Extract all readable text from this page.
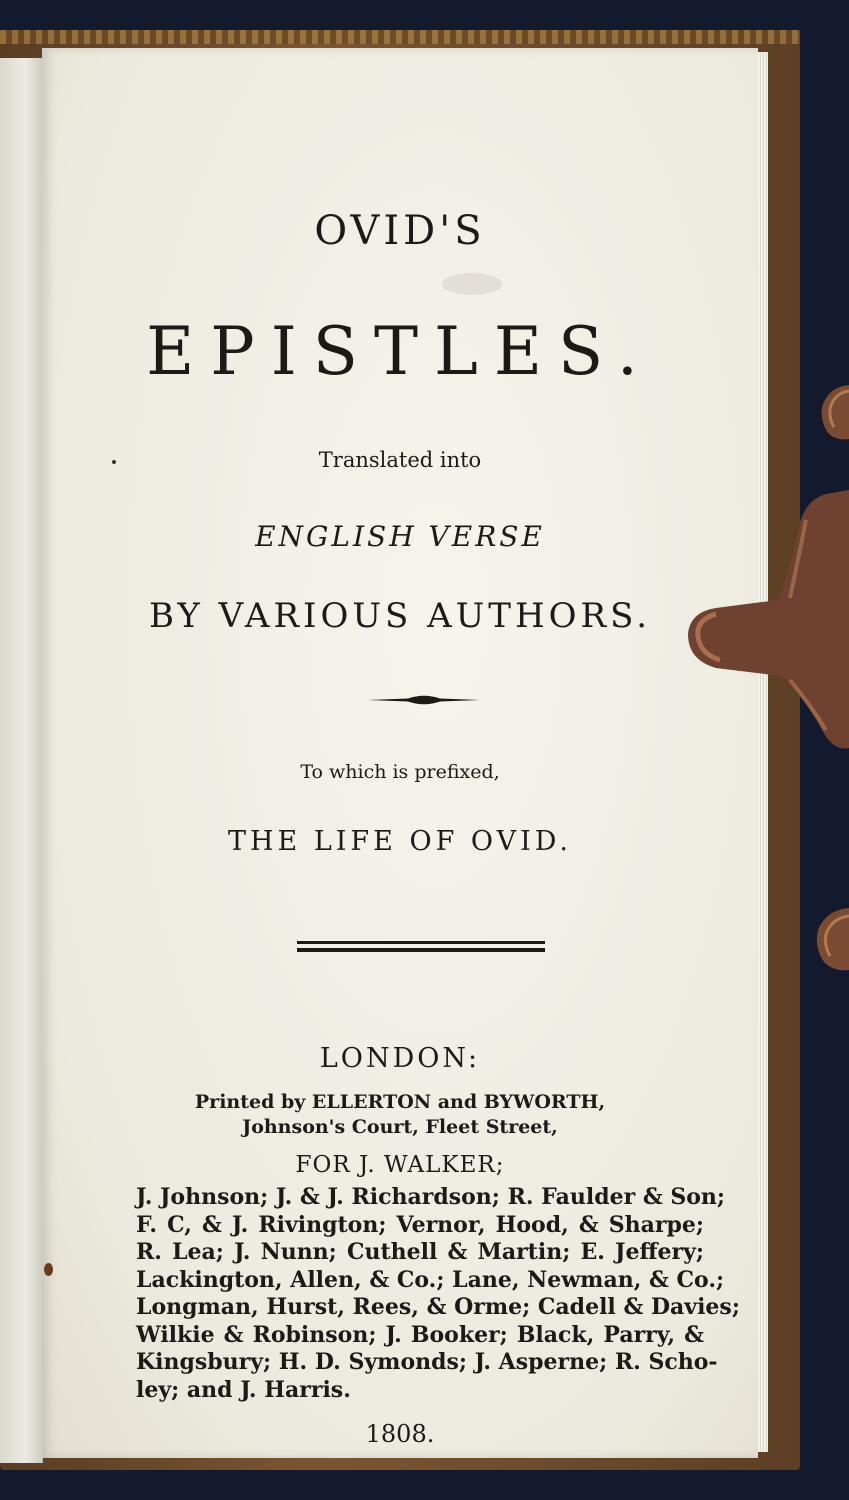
OVID'S
EPISTLES.
Translated into
ENGLISH VERSE
BY VARIOUS AUTHORS.
To which is prefixed,
THE LIFE OF OVID.
LONDON:
Printed by ELLERTON and BYWORTH,
Johnson's Court, Fleet Street,
FOR J. WALKER;
J. Johnson; J. & J. Richardson; R. Faulder & Son;
F. C, & J. Rivington; Vernor, Hood, & Sharpe;
R. Lea; J. Nunn; Cuthell & Martin; E. Jeffery;
Lackington, Allen, & Co.; Lane, Newman, & Co.;
Longman, Hurst, Rees, & Orme; Cadell & Davies;
Wilkie & Robinson; J. Booker; Black, Parry, &
Kingsbury; H. D. Symonds; J. Asperne; R. Scho-
ley; and J. Harris.
1808.
